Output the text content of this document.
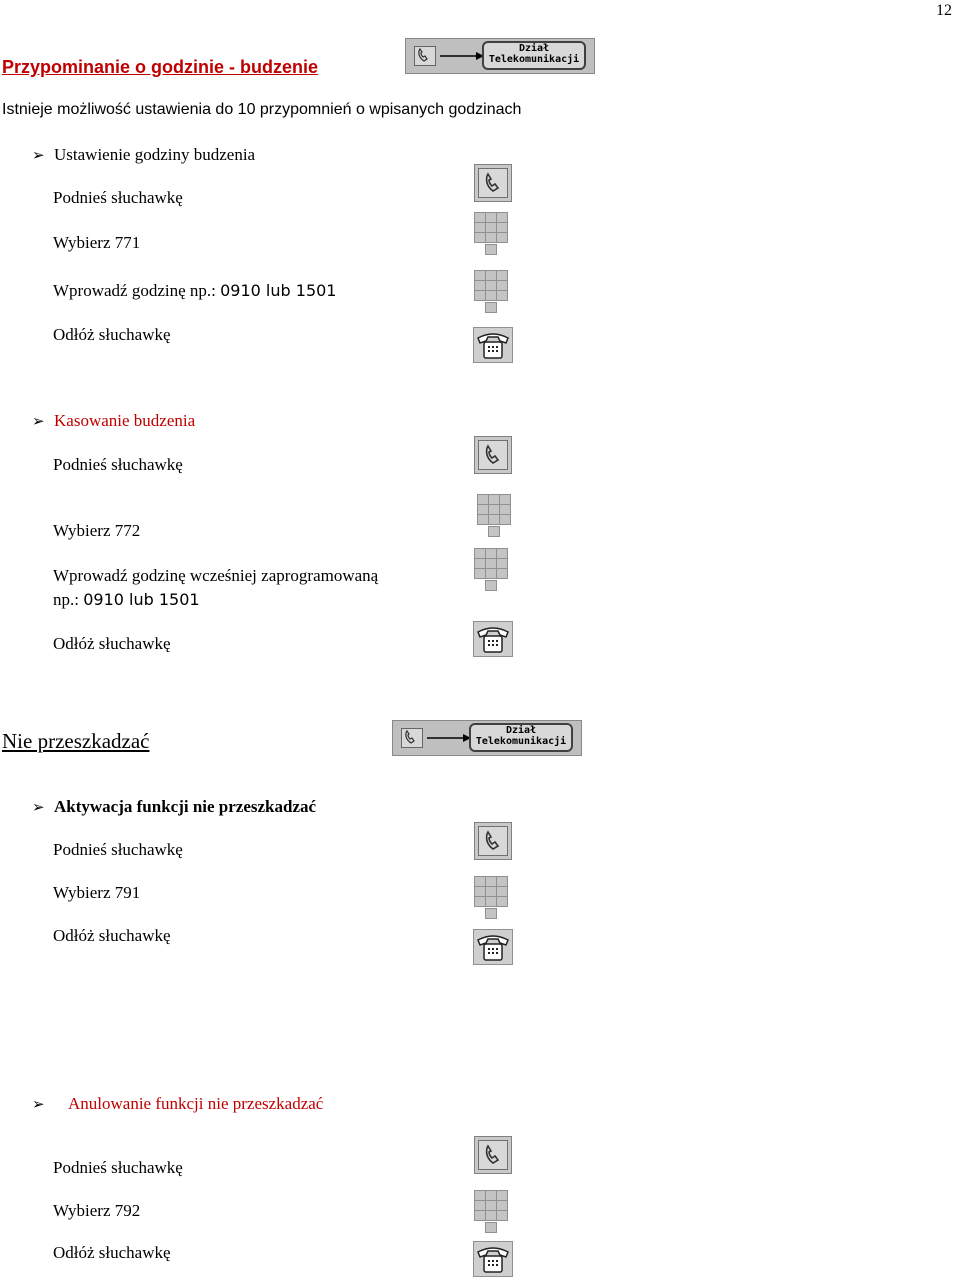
12
Przypominanie o godzinie - budzenie
Dział
Telekomunikacji
Istnieje możliwość ustawienia do 10 przypomnień o wpisanych godzinach
➢ Ustawienie godziny budzenia
Podnieś słuchawkę
Wybierz 771
Wprowadź godzinę np.: 0910 lub 1501
Odłóż słuchawkę
➢ Kasowanie budzenia
Podnieś słuchawkę
Wybierz 772
Wprowadź godzinę wcześniej zaprogramowaną
np.: 0910 lub 1501
Odłóż słuchawkę
Nie przeszkadzać	Dział
Telekomunikacji
➢ Aktywacja funkcji nie przeszkadzać
Podnieś słuchawkę
Wybierz 791
Odłóż słuchawkę
➢ Anulowanie funkcji nie przeszkadzać
Podnieś słuchawkę
Wybierz 792
Odłóż słuchawkę
